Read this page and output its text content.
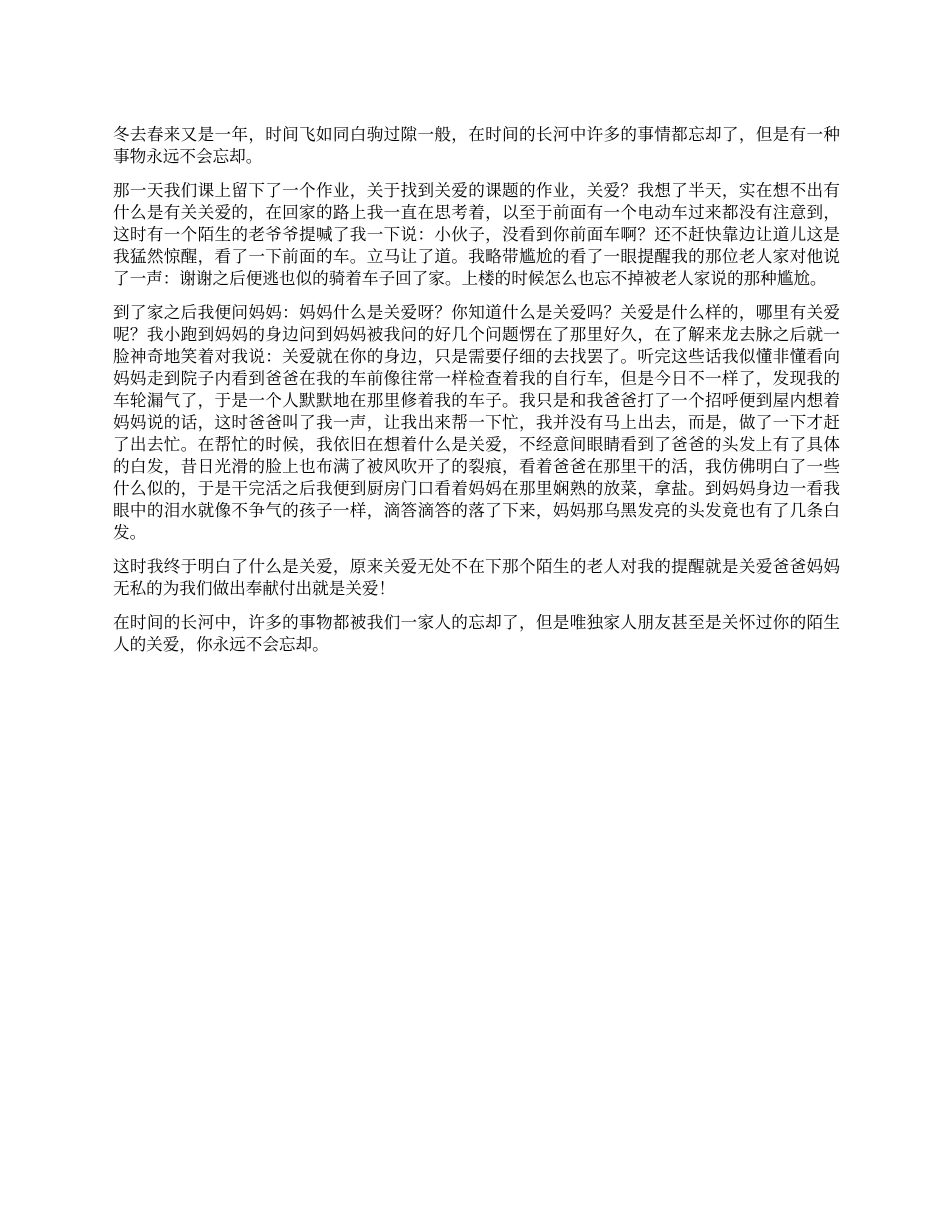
冬去春来又是一年，时间飞如同白驹过隙一般，在时间的长河中许多的事情都忘却了，但是有一种事物永远不会忘却。

那一天我们课上留下了一个作业，关于找到关爱的课题的作业，关爱？我想了半天，实在想不出有什么是有关关爱的，在回家的路上我一直在思考着，以至于前面有一个电动车过来都没有注意到，这时有一个陌生的老爷爷提喊了我一下说：小伙子，没看到你前面车啊？还不赶快靠边让道儿这是我猛然惊醒，看了一下前面的车。立马让了道。我略带尴尬的看了一眼提醒我的那位老人家对他说了一声：谢谢之后便逃也似的骑着车子回了家。上楼的时候怎么也忘不掉被老人家说的那种尴尬。

到了家之后我便问妈妈：妈妈什么是关爱呀？你知道什么是关爱吗？关爱是什么样的，哪里有关爱呢？我小跑到妈妈的身边问到妈妈被我问的好几个问题愣在了那里好久，在了解来龙去脉之后就一脸神奇地笑着对我说：关爱就在你的身边，只是需要仔细的去找罢了。听完这些话我似懂非懂看向妈妈走到院子内看到爸爸在我的车前像往常一样检查着我的自行车，但是今日不一样了，发现我的车轮漏气了，于是一个人默默地在那里修着我的车子。我只是和我爸爸打了一个招呼便到屋内想着妈妈说的话，这时爸爸叫了我一声，让我出来帮一下忙，我并没有马上出去，而是，做了一下才赶了出去忙。在帮忙的时候，我依旧在想着什么是关爱，不经意间眼睛看到了爸爸的头发上有了具体的白发，昔日光滑的脸上也布满了被风吹开了的裂痕，看着爸爸在那里干的活，我仿佛明白了一些什么似的，于是干完活之后我便到厨房门口看着妈妈在那里娴熟的放菜，拿盐。到妈妈身边一看我眼中的泪水就像不争气的孩子一样，滴答滴答的落了下来，妈妈那乌黑发亮的头发竟也有了几条白发。

这时我终于明白了什么是关爱，原来关爱无处不在下那个陌生的老人对我的提醒就是关爱爸爸妈妈无私的为我们做出奉献付出就是关爱！

在时间的长河中，许多的事物都被我们一家人的忘却了，但是唯独家人朋友甚至是关怀过你的陌生人的关爱，你永远不会忘却。
